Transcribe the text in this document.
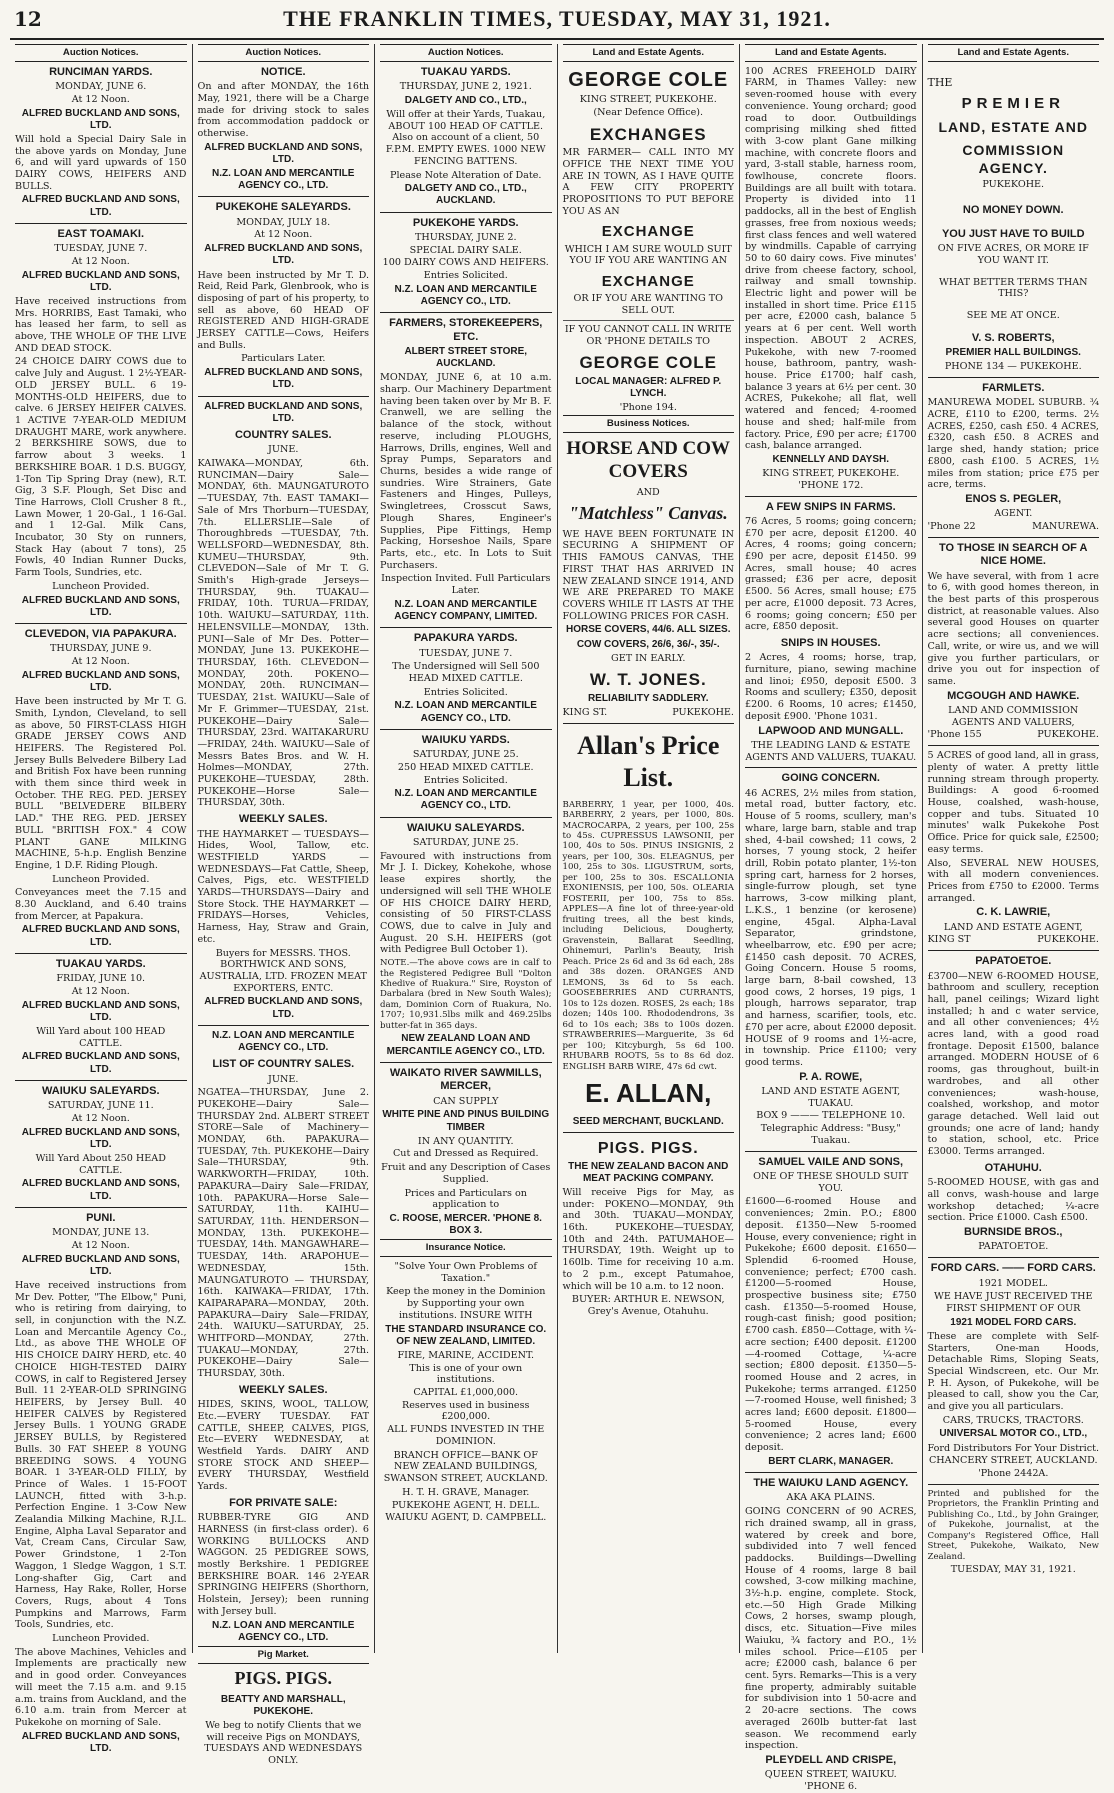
12	THE FRANKLIN TIMES, TUESDAY, MAY 31, 1921.
Auction Notices.
RUNCIMAN YARDS.
MONDAY, JUNE 6.
At 12 Noon.
ALFRED BUCKLAND AND SONS, LTD.

Will hold a Special Dairy Sale in the above yards on Monday, June 6, and will yard upwards of 150 DAIRY COWS, HEIFERS AND BULLS.

ALFRED BUCKLAND AND SONS, LTD.
EAST TOAMAKI.
TUESDAY, JUNE 7.
At 12 Noon.
ALFRED BUCKLAND AND SONS, LTD.

Have received instructions from Mrs. HORRIBS, East Tamaki, who has leased her farm, to sell as above, THE WHOLE OF THE LIVE AND DEAD STOCK.

24 CHOICE DAIRY COWS due to calve July and August. 1 2½-YEAR-OLD JERSEY BULL. 6 19-MONTHS-OLD HEIFERS, due to calve. 6 JERSEY HEIFER CALVES. 1 ACTIVE 7-YEAR-OLD MEDIUM DRAUGHT MARE, work anywhere. 2 BERKSHIRE SOWS, due to farrow about 3 weeks. 1 BERKSHIRE BOAR. 1 D.S. BUGGY, 1-Ton Tip Spring Dray (new), R.T. Gig, 3 S.F. Plough, Set Disc and Tine Harrows, Cloll Crusher 8 ft., Lawn Mower, 1 20-Gal., 1 16-Gal. and 1 12-Gal. Milk Cans, Incubator, 30 Sty on runners, Stack Hay (about 7 tons), 25 Fowls, 40 Indian Runner Ducks, Farm Tools, Sundries, etc.

Luncheon Provided.
ALFRED BUCKLAND AND SONS, LTD.
CLEVEDON, VIA PAPAKURA.
THURSDAY, JUNE 9.
At 12 Noon.
ALFRED BUCKLAND AND SONS, LTD.

Have been instructed by Mr T. G. Smith, Lyndon, Cleveland, to sell as above, 50 FIRST-CLASS HIGH GRADE JERSEY COWS AND HEIFERS. The Registered Pol. Jersey Bulls Belvedere Bilbery Lad and British Fox have been running with them since third week in October. THE REG. PED. JERSEY BULL "BELVEDERE BILBERY LAD." THE REG. PED. JERSEY BULL "BRITISH FOX." 4 COW PLANT GANE MILKING MACHINE, 5-h.p. English Benzine Engine, 1 D.F. Riding Plough.

Luncheon Provided.

Conveyances meet the 7.15 and 8.30 Auckland, and 6.40 trains from Mercer, at Papakura.

ALFRED BUCKLAND AND SONS, LTD.
TUAKAU YARDS.
FRIDAY, JUNE 10.
At 12 Noon.
ALFRED BUCKLAND AND SONS, LTD.

Will Yard about 100 HEAD CATTLE.

ALFRED BUCKLAND AND SONS, LTD.
WAIUKU SALEYARDS.
SATURDAY, JUNE 11.
At 12 Noon.
ALFRED BUCKLAND AND SONS, LTD.

Will Yard About 250 HEAD CATTLE.

ALFRED BUCKLAND AND SONS, LTD.
PUNI.
MONDAY, JUNE 13.
At 12 Noon.
ALFRED BUCKLAND AND SONS, LTD.

Have received instructions from Mr Dev. Potter, "The Elbow," Puni, who is retiring from dairying, to sell, in conjunction with the N.Z. Loan and Mercantile Agency Co., Ltd., as above THE WHOLE OF HIS CHOICE DAIRY HERD, etc. 40 CHOICE HIGH-TESTED DAIRY COWS, in calf to Registered Jersey Bull. 11 2-YEAR-OLD SPRINGING HEIFERS, by Jersey Bull. 40 HEIFER CALVES by Registered Jersey Bulls. 1 YOUNG GRADE JERSEY BULLS, by Registered Bulls. 30 FAT SHEEP. 8 YOUNG BREEDING SOWS. 4 YOUNG BOAR. 1 3-YEAR-OLD FILLY, by Prince of Wales. 1 15-FOOT LAUNCH, fitted with 3-h.p. Perfection Engine. 1 3-Cow New Zealandia Milking Machine, R.J.L. Engine, Alpha Laval Separator and Vat, Cream Cans, Circular Saw, Power Grindstone, 1 2-Ton Waggon, 1 Sledge Waggon, 1 S.T. Long-shafter Gig, Cart and Harness, Hay Rake, Roller, Horse Covers, Rugs, about 4 Tons Pumpkins and Marrows, Farm Tools, Sundries, etc.

Luncheon Provided.

The above Machines, Vehicles and Implements are practically new and in good order. Conveyances will meet the 7.15 a.m. and 9.15 a.m. trains from Auckland, and the 6.10 a.m. train from Mercer at Pukekohe on morning of Sale.

ALFRED BUCKLAND AND SONS, LTD.
Auction Notices.
NOTICE.

On and after MONDAY, the 16th May, 1921, there will be a Charge made for driving stock to sales from accommodation paddock or otherwise.

ALFRED BUCKLAND AND SONS, LTD.
N.Z. LOAN AND MERCANTILE AGENCY CO., LTD.
PUKEKOHE SALEYARDS.
MONDAY, JULY 18.
At 12 Noon.
ALFRED BUCKLAND AND SONS, LTD.

Have been instructed by Mr T. D. Reid, Reid Park, Glenbrook, who is disposing of part of his property, to sell as above, 60 HEAD OF REGISTERED AND HIGH-GRADE JERSEY CATTLE—Cows, Heifers and Bulls.

Particulars Later.
ALFRED BUCKLAND AND SONS, LTD.
ALFRED BUCKLAND AND SONS, LTD.
COUNTRY SALES.
JUNE.

KAIWAKA—MONDAY, 6th. RUNCIMAN—Dairy Sale—MONDAY, 6th. MAUNGATUROTO—TUESDAY, 7th. EAST TAMAKI—Sale of Mrs Thorburn—TUESDAY, 7th. ELLERSLIE—Sale of Thoroughbreds —TUESDAY, 7th. WELLSFORD—WEDNESDAY, 8th. KUMEU—THURSDAY, 9th. CLEVEDON—Sale of Mr T. G. Smith's High-grade Jerseys—THURSDAY, 9th. TUAKAU—FRIDAY, 10th. TURUA—FRIDAY, 10th. WAIUKU—SATURDAY, 11th. HELENSVILLE—MONDAY, 13th. PUNI—Sale of Mr Des. Potter—MONDAY, June 13. PUKEKOHE—THURSDAY, 16th. CLEVEDON—MONDAY, 20th. POKENO—MONDAY, 20th. RUNCIMAN—TUESDAY, 21st. WAIUKU—Sale of Mr F. Grimmer—TUESDAY, 21st. PUKEKOHE—Dairy Sale—THURSDAY, 23rd. WAITAKARURU—FRIDAY, 24th. WAIUKU—Sale of Messrs Bates Bros. and W. H. Holmes—MONDAY, 27th. PUKEKOHE—TUESDAY, 28th. PUKEKOHE—Horse Sale—THURSDAY, 30th.

WEEKLY SALES.

THE HAYMARKET — TUESDAYS—Hides, Wool, Tallow, etc. WESTFIELD YARDS —WEDNESDAYS—Fat Cattle, Sheep, Calves, Pigs, etc. WESTFIELD YARDS—THURSDAYS—Dairy and Store Stock. THE HAYMARKET — FRIDAYS—Horses, Vehicles, Harness, Hay, Straw and Grain, etc.

Buyers for MESSRS. THOS. BORTHWICK AND SONS, AUSTRALIA, LTD. FROZEN MEAT EXPORTERS, ENTC.

ALFRED BUCKLAND AND SONS, LTD.
N.Z. LOAN AND MERCANTILE AGENCY CO., LTD.
LIST OF COUNTRY SALES.
JUNE.

NGATEA—THURSDAY, June 2. PUKEKOHE—Dairy Sale—THURSDAY 2nd. ALBERT STREET STORE—Sale of Machinery—MONDAY, 6th. PAPAKURA—TUESDAY, 7th. PUKEKOHE—Dairy Sale—THURSDAY, 9th. WARKWORTH—FRIDAY, 10th. PAPAKURA—Dairy Sale—FRIDAY, 10th. PAPAKURA—Horse Sale—SATURDAY, 11th. KAIHU—SATURDAY, 11th. HENDERSON—MONDAY, 13th. PUKEKOHE—TUESDAY, 14th. MANGAWHARE—TUESDAY, 14th. ARAPOHUE—WEDNESDAY, 15th. MAUNGATUROTO — THURSDAY, 16th. KAIWAKA—FRIDAY, 17th. KAIPARAPARA—MONDAY, 20th. PAPAKURA—Dairy Sale—FRIDAY, 24th. WAIUKU—SATURDAY, 25. WHITFORD—MONDAY, 27th. TUAKAU—MONDAY, 27th. PUKEKOHE—Dairy Sale—THURSDAY, 30th.

WEEKLY SALES.

HIDES, SKINS, WOOL, TALLOW, Etc.—EVERY TUESDAY. FAT CATTLE, SHEEP, CALVES, PIGS, Etc—EVERY WEDNESDAY, at Westfield Yards. DAIRY AND STORE STOCK AND SHEEP—EVERY THURSDAY, Westfield Yards.

FOR PRIVATE SALE:

RUBBER-TYRE GIG AND HARNESS (in first-class order). 6 WORKING BULLOCKS AND WAGGON. 25 PEDIGREE SOWS, mostly Berkshire. 1 PEDIGREE BERKSHIRE BOAR. 146 2-YEAR SPRINGING HEIFERS (Shorthorn, Holstein, Jersey); been running with Jersey bull.

N.Z. LOAN AND MERCANTILE AGENCY CO., LTD.
Pig Market.
PIGS. PIGS.
BEATTY AND MARSHALL, PUKEKOHE.

We beg to notify Clients that we will receive Pigs on MONDAYS, TUESDAYS AND WEDNESDAYS ONLY.

Auction Notices.
TUAKAU YARDS.
THURSDAY, JUNE 2, 1921.
DALGETY AND CO., LTD.,

Will offer at their Yards, Tuakau, ABOUT 100 HEAD OF CATTLE. Also on account of a client, 50 F.P.M. EMPTY EWES. 1000 NEW FENCING BATTENS.

Please Note Alteration of Date.
DALGETY AND CO., LTD., AUCKLAND.
PUKEKOHE YARDS.
THURSDAY, JUNE 2.
SPECIAL DAIRY SALE.
100 DAIRY COWS AND HEIFERS.
Entries Solicited.
N.Z. LOAN AND MERCANTILE AGENCY CO., LTD.
FARMERS, STOREKEEPERS, ETC.
ALBERT STREET STORE, AUCKLAND.

MONDAY, JUNE 6, at 10 a.m. sharp. Our Machinery Department having been taken over by Mr B. F. Cranwell, we are selling the balance of the stock, without reserve, including PLOUGHS, Harrows, Drills, engines, Well and Spray Pumps, Separators and Churns, besides a wide range of sundries. Wire Strainers, Gate Fasteners and Hinges, Pulleys, Swingletrees, Crosscut Saws, Plough Shares, Engineer's Supplies, Pipe Fittings, Hemp Packing, Horseshoe Nails, Spare Parts, etc., etc. In Lots to Suit Purchasers.

Inspection Invited. Full Particulars Later.
N.Z. LOAN AND MERCANTILE AGENCY COMPANY, LIMITED.
PAPAKURA YARDS.
TUESDAY, JUNE 7.

The Undersigned will Sell 500 HEAD MIXED CATTLE.

Entries Solicited.
N.Z. LOAN AND MERCANTILE AGENCY CO., LTD.
WAIUKU YARDS.
SATURDAY, JUNE 25.
250 HEAD MIXED CATTLE.
Entries Solicited.
N.Z. LOAN AND MERCANTILE AGENCY CO., LTD.
WAIUKU SALEYARDS.
SATURDAY, JUNE 25.

Favoured with instructions from Mr J. I. Dickey, Kohekohe, whose lease expires shortly, the undersigned will sell THE WHOLE OF HIS CHOICE DAIRY HERD, consisting of 50 FIRST-CLASS COWS, due to calve in July and August. 20 S.H. HEIFERS (got with Pedigree Bull October 1).

NOTE.—The above cows are in calf to the Registered Pedigree Bull "Dolton Khedive of Ruakura." Sire, Royston of Darbalara (bred in New South Wales); dam, Dominion Corn of Ruakura, No. 1707; 10,931.5lbs milk and 469.25lbs butter-fat in 365 days.

NEW ZEALAND LOAN AND MERCANTILE AGENCY CO., LTD.
WAIKATO RIVER SAWMILLS, MERCER,
CAN SUPPLY
WHITE PINE AND PINUS BUILDING TIMBER
IN ANY QUANTITY.
Cut and Dressed as Required.

Fruit and any Description of Cases Supplied.

Prices and Particulars on application to

C. ROOSE, MERCER. 'PHONE 8. BOX 3.
Insurance Notice.

"Solve Your Own Problems of Taxation."

Keep the money in the Dominion by Supporting your own institutions. INSURE WITH

THE STANDARD INSURANCE CO. OF NEW ZEALAND, LIMITED.
FIRE, MARINE, ACCIDENT.
This is one of your own institutions.
CAPITAL £1,000,000.
Reserves used in business £200,000.
ALL FUNDS INVESTED IN THE DOMINION.

BRANCH OFFICE—BANK OF NEW ZEALAND BUILDINGS, SWANSON STREET, AUCKLAND.

H. T. H. GRAVE, Manager.

PUKEKOHE AGENT, H. DELL. WAIUKU AGENT, D. CAMPBELL.

Land and Estate Agents.
GEORGE COLE
KING STREET, PUKEKOHE.
(Near Defence Office).
EXCHANGES

MR FARMER— CALL INTO MY OFFICE THE NEXT TIME YOU ARE IN TOWN, AS I HAVE QUITE A FEW CITY PROPERTY PROPOSITIONS TO PUT BEFORE YOU AS AN

EXCHANGE

WHICH I AM SURE WOULD SUIT YOU IF YOU ARE WANTING AN

EXCHANGE

OR IF YOU ARE WANTING TO SELL OUT.

IF YOU CANNOT CALL IN WRITE OR 'PHONE DETAILS TO

GEORGE COLE
LOCAL MANAGER: ALFRED P. LYNCH.
'Phone 194.
Business Notices.
HORSE AND COW COVERS
AND
"Matchless" Canvas.

WE HAVE BEEN FORTUNATE IN SECURING A SHIPMENT OF THIS FAMOUS CANVAS, THE FIRST THAT HAS ARRIVED IN NEW ZEALAND SINCE 1914, AND WE ARE PREPARED TO MAKE COVERS WHILE IT LASTS AT THE FOLLOWING PRICES FOR CASH.

HORSE COVERS, 44/6. ALL SIZES.
COW COVERS, 26/6, 36/-, 35/-.
GET IN EARLY.
W. T. JONES.
RELIABILITY SADDLERY.
KING ST.	PUKEKOHE.
Allan's Price List.

BARBERRY, 1 year, per 1000, 40s. BARBERRY, 2 years, per 1000, 80s. MACROCARPA, 2 years, per 100, 25s to 45s. CUPRESSUS LAWSONII, per 100, 40s to 50s. PINUS INSIGNIS, 2 years, per 100, 30s. ELEAGNUS, per 100, 25s to 30s. LIGUSTRUM, sorts, per 100, 25s to 30s. ESCALLONIA EXONIENSIS, per 100, 50s. OLEARIA FOSTERII, per 100, 75s to 85s. APPLES—A fine lot of three-year-old fruiting trees, all the best kinds, including Delicious, Dougherty, Gravenstein, Ballarat Seedling, Ohinemuri, Parlin's Beauty, Irish Peach. Price 2s 6d and 3s 6d each, 28s and 38s dozen. ORANGES AND LEMONS, 3s 6d to 5s each. GOOSEBERRIES AND CURRANTS, 10s to 12s dozen. ROSES, 2s each; 18s dozen; 140s 100. Rhododendrons, 3s 6d to 10s each; 38s to 100s dozen. STRAWBERRIES—Marguerite, 3s 6d per 100; Kitcyburgh, 5s 6d 100. RHUBARB ROOTS, 5s to 8s 6d doz. ENGLISH BARB WIRE, 47s 6d cwt.

E. ALLAN,
SEED MERCHANT, BUCKLAND.
PIGS. PIGS.
THE NEW ZEALAND BACON AND MEAT PACKING COMPANY.

Will receive Pigs for May, as under: POKENO—MONDAY, 9th and 30th. TUAKAU—MONDAY, 16th. PUKEKOHE—TUESDAY, 10th and 24th. PATUMAHOE—THURSDAY, 19th. Weight up to 160lb. Time for receiving 10 a.m. to 2 p.m., except Patumahoe, which will be 10 a.m. to 12 noon.

BUYER: ARTHUR E. NEWSON, Grey's Avenue, Otahuhu.

Land and Estate Agents.

100 ACRES FREEHOLD DAIRY FARM, in Thames Valley: new seven-roomed house with every convenience. Young orchard; good road to door. Outbuildings comprising milking shed fitted with 3-cow plant Gane milking machine, with concrete floors and yard, 3-stall stable, harness room, fowlhouse, concrete floors. Buildings are all built with totara. Property is divided into 11 paddocks, all in the best of English grasses, free from noxious weeds; first class fences and well watered by windmills. Capable of carrying 50 to 60 dairy cows. Five minutes' drive from cheese factory, school, railway and small township. Electric light and power will be installed in short time. Price £115 per acre, £2000 cash, balance 5 years at 6 per cent. Well worth inspection. ABOUT 2 ACRES, Pukekohe, with new 7-roomed house, bathroom, pantry, wash-house. Price £1700; half cash, balance 3 years at 6½ per cent. 30 ACRES, Pukekohe; all flat, well watered and fenced; 4-roomed house and shed; half-mile from factory. Price, £90 per acre; £1700 cash, balance arranged.

KENNELLY AND DAYSH.
KING STREET, PUKEKOHE. 'PHONE 172.
A FEW SNIPS IN FARMS.

76 Acres, 5 rooms; going concern; £70 per acre, deposit £1200. 40 Acres, 4 rooms; going concern; £90 per acre, deposit £1450. 99 Acres, small house; 40 acres grassed; £36 per acre, deposit £500. 56 Acres, small house; £75 per acre, £1000 deposit. 73 Acres, 6 rooms; going concern; £50 per acre, £850 deposit.

SNIPS IN HOUSES.

2 Acres, 4 rooms; horse, trap, furniture, piano, sewing machine and linoi; £950, deposit £500. 3 Rooms and scullery; £350, deposit £200. 6 Rooms, 10 acres; £1450, deposit £900. 'Phone 1031.

LAPWOOD AND MUNGALL.
THE LEADING LAND & ESTATE AGENTS AND VALUERS, TUAKAU.
GOING CONCERN.

46 ACRES, 2½ miles from station, metal road, butter factory, etc. House of 5 rooms, scullery, man's whare, large barn, stable and trap shed, 4-bail cowshed; 11 cows, 2 horses, 7 young stock, 2 heifer drill, Robin potato planter, 1½-ton spring cart, harness for 2 horses, single-furrow plough, set tyne harrows, 3-cow milking plant, L.K.S., 1 benzine (or kerosene) engine, 45gal. Alpha-Laval Separator, grindstone, wheelbarrow, etc. £90 per acre; £1450 cash deposit. 70 ACRES, Going Concern. House 5 rooms, large barn, 8-bail cowshed, 13 good cows, 2 horses, 19 pigs, 1 plough, harrows separator, trap and harness, scarifier, tools, etc. £70 per acre, about £2000 deposit. HOUSE of 9 rooms and 1½-acre, in township. Price £1100; very good terms.

P. A. ROWE,
LAND AND ESTATE AGENT, TUAKAU.
BOX 9 ——— TELEPHONE 10.
Telegraphic Address: "Busy," Tuakau.
SAMUEL VAILE AND SONS,
ONE OF THESE SHOULD SUIT YOU.

£1600—6-roomed House and conveniences; 2min. P.O.; £800 deposit. £1350—New 5-roomed House, every convenience; right in Pukekohe; £600 deposit. £1650—Splendid 6-roomed House, convenience; perfect; £700 cash. £1200—5-roomed House, prospective business site; £750 cash. £1350—5-roomed House, rough-cast finish; good position; £700 cash. £850—Cottage, with ¼-acre section; £400 deposit. £1200—4-roomed Cottage, ¼-acre section; £800 deposit. £1350—5-roomed House and 2 acres, in Pukekohe; terms arranged. £1250—7-roomed House, well finished; 3 acres land; £600 deposit. £1800—5-roomed House, every convenience; 2 acres land; £600 deposit.

BERT CLARK, MANAGER.
THE WAIUKU LAND AGENCY.
AKA AKA PLAINS.

GOING CONCERN of 90 ACRES, rich drained swamp, all in grass, watered by creek and bore, subdivided into 7 well fenced paddocks. Buildings—Dwelling House of 4 rooms, large 8 bail cowshed, 3-cow milking machine, 3½-h.p. engine, complete. Stock, etc.—50 High Grade Milking Cows, 2 horses, swamp plough, discs, etc. Situation—Five miles Waiuku, ¾ factory and P.O., 1½ miles school. Price—£105 per acre; £2000 cash, balance 6 per cent. 5yrs. Remarks—This is a very fine property, admirably suitable for subdivision into 1 50-acre and 2 20-acre sections. The cows averaged 260lb butter-fat last season. We recommend early inspection.

PLEYDELL AND CRISPE,
QUEEN STREET, WAIUKU. 'PHONE 6.
Land and Estate Agents.
THE
PREMIER
LAND, ESTATE AND
COMMISSION AGENCY.
PUKEKOHE.
NO MONEY DOWN.
YOU JUST HAVE TO BUILD

ON FIVE ACRES, OR MORE IF YOU WANT IT.

WHAT BETTER TERMS THAN THIS?

SEE ME AT ONCE.

V. S. ROBERTS,
PREMIER HALL BUILDINGS.
PHONE 134 — PUKEKOHE.
FARMLETS.

MANUREWA MODEL SUBURB. ¾ ACRE, £110 to £200, terms. 2½ ACRES, £250, cash £50. 4 ACRES, £320, cash £50. 8 ACRES and large shed, handy station; price £800, cash £100. 5 ACRES, 1½ miles from station; price £75 per acre, terms.

ENOS S. PEGLER,
AGENT.
'Phone 22	MANUREWA.
TO THOSE IN SEARCH OF A NICE HOME.

We have several, with from 1 acre to 6, with good homes thereon, in the best parts of this prosperous district, at reasonable values. Also several good Houses on quarter acre sections; all conveniences. Call, write, or wire us, and we will give you further particulars, or drive you out for inspection of same.

MCGOUGH AND HAWKE.
LAND AND COMMISSION AGENTS AND VALUERS,
'Phone 155	PUKEKOHE.

5 ACRES of good land, all in grass, plenty of water. A pretty little running stream through property. Buildings: A good 6-roomed House, coalshed, wash-house, copper and tubs. Situated 10 minutes' walk Pukekohe Post Office. Price for quick sale, £2500; easy terms.

Also, SEVERAL NEW HOUSES, with all modern conveniences. Prices from £750 to £2000. Terms arranged.

C. K. LAWRIE,
LAND AND ESTATE AGENT,
KING ST	PUKEKOHE.
PAPATOETOE.

£3700—NEW 6-ROOMED HOUSE, bathroom and scullery, reception hall, panel ceilings; Wizard light installed; h and c water service, and all other conveniences; 4½ acres land, with a good road frontage. Deposit £1500, balance arranged. MODERN HOUSE of 6 rooms, gas throughout, built-in wardrobes, and all other conveniences; wash-house, coalshed, workshop, and motor garage detached. Well laid out grounds; one acre of land; handy to station, school, etc. Price £3000. Terms arranged.

OTAHUHU.

5-ROOMED HOUSE, with gas and all convs, wash-house and large workshop detached; ¼-acre section. Price £1000. Cash £500.

BURNSIDE BROS.,
PAPATOETOE.
FORD CARS. —— FORD CARS.
1921 MODEL.

WE HAVE JUST RECEIVED THE FIRST SHIPMENT OF OUR

1921 MODEL FORD CARS.

These are complete with Self-Starters, One-man Hoods, Detachable Rims, Sloping Seats, Special Windscreen, etc. Our Mr. P. H. Ayson, of Pukekohe, will be pleased to call, show you the Car, and give you all particulars.

CARS, TRUCKS, TRACTORS.
UNIVERSAL MOTOR CO., LTD.,
Ford Distributors For Your District.
CHANCERY STREET, AUCKLAND.
'Phone 2442A.

Printed and published for the Proprietors, the Franklin Printing and Publishing Co., Ltd., by John Grainger, of Pukekohe, journalist, at the Company's Registered Office, Hall Street, Pukekohe, Waikato, New Zealand.

TUESDAY, MAY 31, 1921.
